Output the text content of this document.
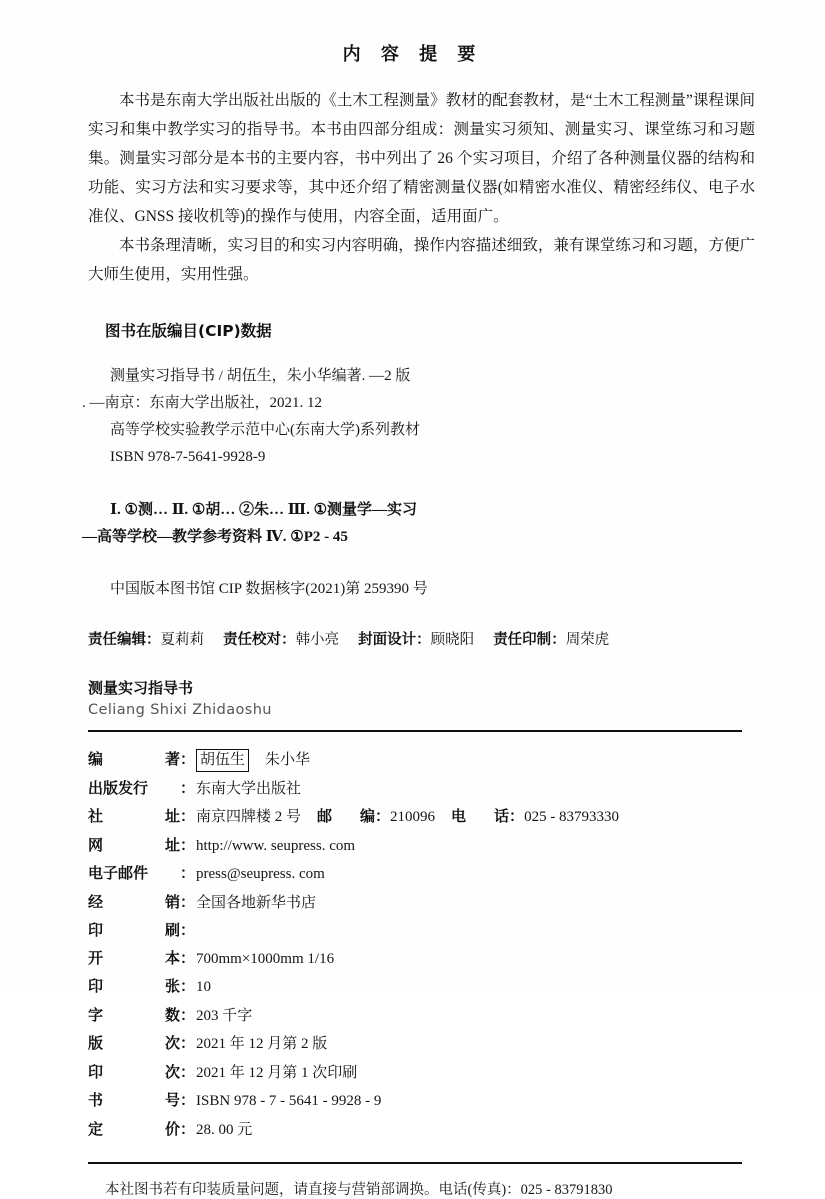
内 容 提 要

本书是东南大学出版社出版的《土木工程测量》教材的配套教材，是“土木工程测量”课程课间实习和集中教学实习的指导书。本书由四部分组成：测量实习须知、测量实习、课堂练习和习题集。测量实习部分是本书的主要内容，书中列出了 26 个实习项目，介绍了各种测量仪器的结构和功能、实习方法和实习要求等，其中还介绍了精密测量仪器(如精密水准仪、精密经纬仪、电子水准仪、GNSS 接收机等)的操作与使用，内容全面，适用面广。

本书条理清晰，实习目的和实习内容明确，操作内容描述细致，兼有课堂练习和习题，方便广大师生使用，实用性强。

图书在版编目(CIP)数据
测量实习指导书 / 胡伍生，朱小华编著. —2 版
. —南京：东南大学出版社，2021. 12
高等学校实验教学示范中心(东南大学)系列教材
ISBN 978-7-5641-9928-9
Ⅰ. ①测… Ⅱ. ①胡… ②朱… Ⅲ. ①测量学—实习
—高等学校—教学参考资料 Ⅳ. ①P2 - 45
中国版本图书馆 CIP 数据核字(2021)第 259390 号
责任编辑：夏莉莉 责任校对：韩小亮 封面设计：顾晓阳 责任印制：周荣虎
测量实习指导书
Celiang Shixi Zhidaoshu
编	著 ： 胡伍生 朱小华
出版发行	： 东南大学出版社
社	址 ： 南京四牌楼 2 号 邮 编 ： 210096 电 话 ： 025 - 83793330
网	址 ： http://www. seupress. com
电子邮件	： press@seupress. com
经	销 ： 全国各地新华书店
印	刷 ：
开	本 ： 700mm×1000mm 1/16
印	张 ： 10
字	数 ： 203 千字
版	次 ： 2021 年 12 月第 2 版
印	次 ： 2021 年 12 月第 1 次印刷
书	号 ： ISBN 978 - 7 - 5641 - 9928 - 9
定	价 ： 28. 00 元
本社图书若有印装质量问题，请直接与营销部调换。电话(传真)：025 - 83791830
